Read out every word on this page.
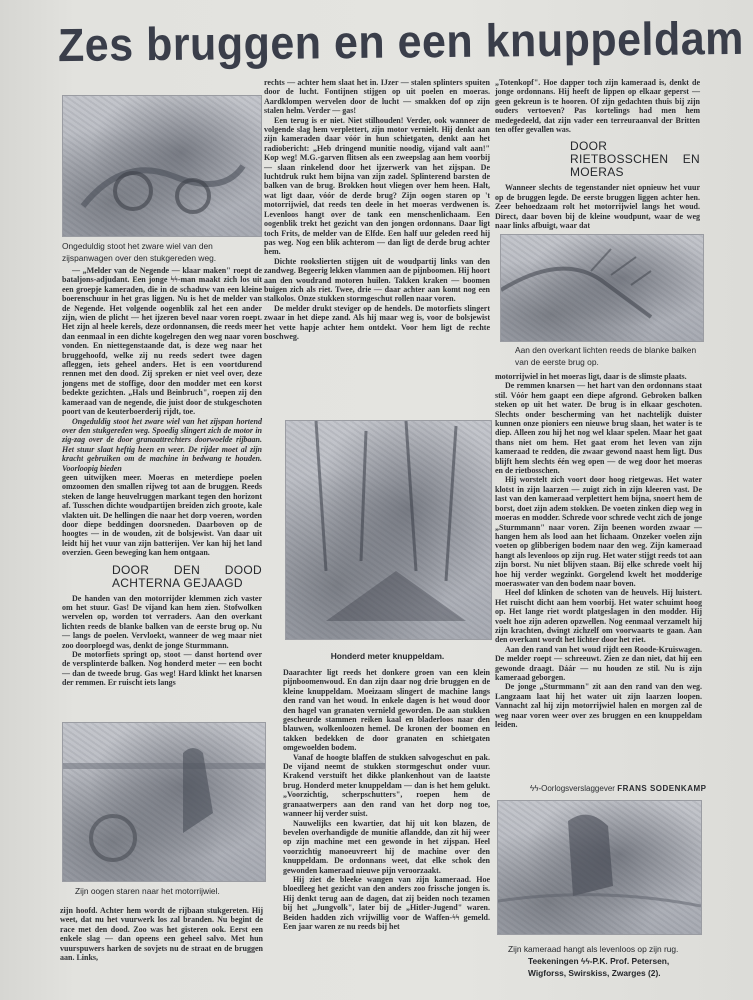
Zes bruggen en een knuppeldam
Ongeduldig stoot het zware wiel van den zijspanwagen over den stukgereden weg.

— „Melder van de Negende — klaar maken" roept de bataljons-adjudant. Een jonge ϟϟ-man maakt zich los uit een groepje kameraden, die in de schaduw van een kleine boerenschuur in het gras liggen. Nu is het de melder van de Negende. Het volgende oogenblik zal het een ander zijn, wien de plicht — het ijzeren bevel naar voren roept. Het zijn al heele kerels, deze ordonnansen, die reeds meer dan eenmaal in een dichte kogelregen den weg naar voren vonden. En niettegenstaande dat, is deze weg naar het bruggehoofd, welke zij nu reeds sedert twee dagen afleggen, iets geheel anders. Het is een voortdurend rennen met den dood. Zij spreken er niet veel over, deze jongens met de stoffige, door den modder met een korst bedekte gezichten. „Hals und Beinbruch", roepen zij den kameraad van de negende, die juist door de stukgeschoten poort van de keuterboerderij rijdt, toe.

Ongeduldig stoot het zware wiel van het zijspan hortend over den stukgereden weg. Spoedig slingert zich de motor in zig-zag over de door granaattrechters doorwoelde rijbaan. Het stuur slaat heftig heen en weer. De rijder moet al zijn kracht gebruiken om de machine in bedwang te houden. Voorloopig bieden

geen uitwijken meer. Moeras en meterdiepe poelen omzoomen den smallen rijweg tot aan de bruggen. Reeds steken de lange heuvelruggen markant tegen den horizont af. Tusschen dichte woudpartijen breiden zich groote, kale vlakten uit. De hellingen die naar het dorp voeren, worden door diepe beddingen doorsneden. Daarboven op de hoogtes — in de wouden, zit de bolsjewist. Van daar uit leidt hij het vuur van zijn batterijen. Ver kan hij het land overzien. Geen beweging kan hem ontgaan.

DOOR DEN DOOD ACHTERNA GEJAAGD

De handen van den motorrijder klemmen zich vaster om het stuur. Gas! De vijand kan hem zien. Stofwolken wervelen op, worden tot verraders. Aan den overkant lichten reeds de blanke balken van de eerste brug op. Nu — langs de poelen. Vervloekt, wanneer de weg maar niet zoo doorploegd was, denkt de jonge Sturmmann.

De motorfiets springt op, stoot — danst hortend over de versplinterde balken. Nog honderd meter — een bocht — dan de tweede brug. Gas weg! Hard klinkt het knarsen der remmen. Er ruischt iets langs

Zijn oogen staren naar het motorrijwiel.

zijn hoofd. Achter hem wordt de rijbaan stukgereten. Hij weet, dat nu het vuurwerk los zal branden. Nu begint de race met den dood. Zoo was het gisteren ook. Eerst een enkele slag — dan opeens een geheel salvo. Met hun vuurspuwers harken de sovjets nu de straat en de bruggen aan. Links,

rechts — achter hem slaat het in. IJzer — stalen splinters spuiten door de lucht. Fontijnen stijgen op uit poelen en moeras. Aardklompen wervelen door de lucht — smakken dof op zijn stalen helm. Verder — gas!

Een terug is er niet. Niet stilhouden! Verder, ook wanneer de volgende slag hem verplettert, zijn motor vernielt. Hij denkt aan zijn kameraden daar vóór in hun schietgaten, denkt aan het radiobericht: „Heb dringend munitie noodig, vijand valt aan!" Kop weg! M.G.-garven flitsen als een zweepslag aan hem voorbij — slaan rinkelend door het ijzerwerk van het zijspan. De luchtdruk rukt hem bijna van zijn zadel. Splinterend barsten de balken van de brug. Brokken hout vliegen over hem heen. Halt, wat ligt daar, vóór de derde brug? Zijn oogen staren op 't motorrijwiel, dat reeds ten deele in het moeras verdwenen is. Levenloos hangt over de tank een menschenlichaam. Een oogenblik trekt het gezicht van den jongen ordonnans. Daar ligt toch Frits, de melder van de Elfde. Een half uur geleden reed hij pas weg. Nog een blik achterom — dan ligt de derde brug achter hem.

Dichte rookslierten stijgen uit de woudpartij links van den zandweg. Begeerig lekken vlammen aan de pijnboomen. Hij hoort aan den woudrand motoren huilen. Takken kraken — boomen buigen zich als riet. Twee, drie — daar achter aan komt nog een stalkolos. Onze stukken stormgeschut rollen naar voren.

De melder drukt steviger op de hendels. De motorfiets slingert zwaar in het diepe zand. Als hij maar weg is, voor de bolsjewist het vette hapje achter hem ontdekt. Voor hem ligt de rechte boschweg.

Honderd meter knuppeldam.

Daarachter ligt reeds het donkere groen van een klein pijnboomenwoud. En dan zijn daar nog drie bruggen en de kleine knuppeldam. Moeizaam slingert de machine langs den rand van het woud. In enkele dagen is het woud door den hagel van granaten vernield geworden. De aan stukken gescheurde stammen reiken kaal en bladerloos naar den blauwen, wolkenloozen hemel. De kronen der boomen en takken bedekken de door granaten en schietgaten omgewoelden bodem.

Vanaf de hoogte blaffen de stukken salvogeschut en pak. De vijand neemt de stukken stormgeschut onder vuur. Krakend verstuift het dikke plankenhout van de laatste brug. Honderd meter knuppeldam — dan is het hem gelukt. „Voorzichtig, scherpschutters", roepen hem de granaatwerpers aan den rand van het dorp nog toe, wanneer hij verder suist.

Nauwelijks een kwartier, dat hij uit kon blazen, de bevelen overhandigde de munitie aflandde, dan zit hij weer op zijn machine met een gewonde in het zijspan. Heel voorzichtig manoeuvreert hij de machine over den knuppeldam. De ordonnans weet, dat elke schok den gewonden kameraad nieuwe pijn veroorzaakt.

Hij ziet de bleeke wangen van zijn kameraad. Hoe bloedleeg het gezicht van den anders zoo frissche jongen is. Hij denkt terug aan de dagen, dat zij beiden noch tezamen bij het „Jungvolk", later bij de „Hitler-Jugend" waren. Beiden hadden zich vrijwillig voor de Waffen-ϟϟ gemeld. Een jaar waren ze nu reeds bij het

„Totenkopf". Hoe dapper toch zijn kameraad is, denkt de jonge ordonnans. Hij heeft de lippen op elkaar geperst — geen gekreun is te hooren. Of zijn gedachten thuis bij zijn ouders vertoeven? Pas kortelings had men hem medegedeeld, dat zijn vader een terreuraanval der Britten ten offer gevallen was.

DOOR RIETBOSSCHEN EN MOERAS

Wanneer slechts de tegenstander niet opnieuw het vuur op de bruggen legde. De eerste bruggen liggen achter hen. Zeer behoedzaam rolt het motorrijwiel langs het woud. Direct, daar boven bij de kleine woudpunt, waar de weg naar links afbuigt, waar dat

Aan den overkant lichten reeds de blanke balken van de eerste brug op.

motorrijwiel in het moeras ligt, daar is de slimste plaats.

De remmen knarsen — het hart van den ordonnans staat stil. Vóór hem gaapt een diepe afgrond. Gebroken balken steken op uit het water. De brug is in elkaar geschoten. Slechts onder bescherming van het nachtelijk duister kunnen onze pioniers een nieuwe brug slaan, het water is te diep. Alleen zou hij het nog wel klaar spelen. Maar het gaat thans niet om hem. Het gaat erom het leven van zijn kameraad te redden, die zwaar gewond naast hem ligt. Dus blijft hem slechts één weg open — de weg door het moeras en de rietbosschen.

Hij worstelt zich voort door hoog rietgewas. Het water klotst in zijn laarzen — zuigt zich in zijn kleeren vast. De last van den kameraad verplettert hem bijna, snoert hem de borst, doet zijn adem stokken. De voeten zinken diep weg in moeras en modder. Schrede voor schrede vecht zich de jonge „Sturmmann" naar voren. Zijn beenen worden zwaar — hangen hem als lood aan het lichaam. Onzeker voelen zijn voeten op glibberigen bodem naar den weg. Zijn kameraad hangt als levenloos op zijn rug. Het water stijgt reeds tot aan zijn borst. Nu niet blijven staan. Bij elke schrede voelt hij hoe hij verder wegzinkt. Gorgelend kwelt het modderige moeraswater van den bodem naar boven.

Heel dof klinken de schoten van de heuvels. Hij luistert. Het ruischt dicht aan hem voorbij. Het water schuimt hoog op. Het lange riet wordt platgeslagen in den modder. Hij voelt hoe zijn aderen opzwellen. Nog eenmaal verzamelt hij zijn krachten, dwingt zichzelf om voorwaarts te gaan. Aan den overkant wordt het lichter door het riet.

Aan den rand van het woud rijdt een Roode-Kruiswagen. De melder roept — schreeuwt. Zien ze dan niet, dat hij een gewonde draagt. Dáár — nu houden ze stil. Nu is zijn kameraad geborgen.

De jonge „Sturmmann" zit aan den rand van den weg. Langzaam laat hij het water uit zijn laarzen loopen. Vannacht zal hij zijn motorrijwiel halen en morgen zal de weg naar voren weer over zes bruggen en een knuppeldam leiden.

ϟϟ-Oorlogsverslaggever FRANS SODENKAMP
Zijn kameraad hangt als levenloos op zijn rug.
Teekeningen ϟϟ-P.K. Prof. Petersen, Wigforss, Swirskiss, Zwarges (2).
